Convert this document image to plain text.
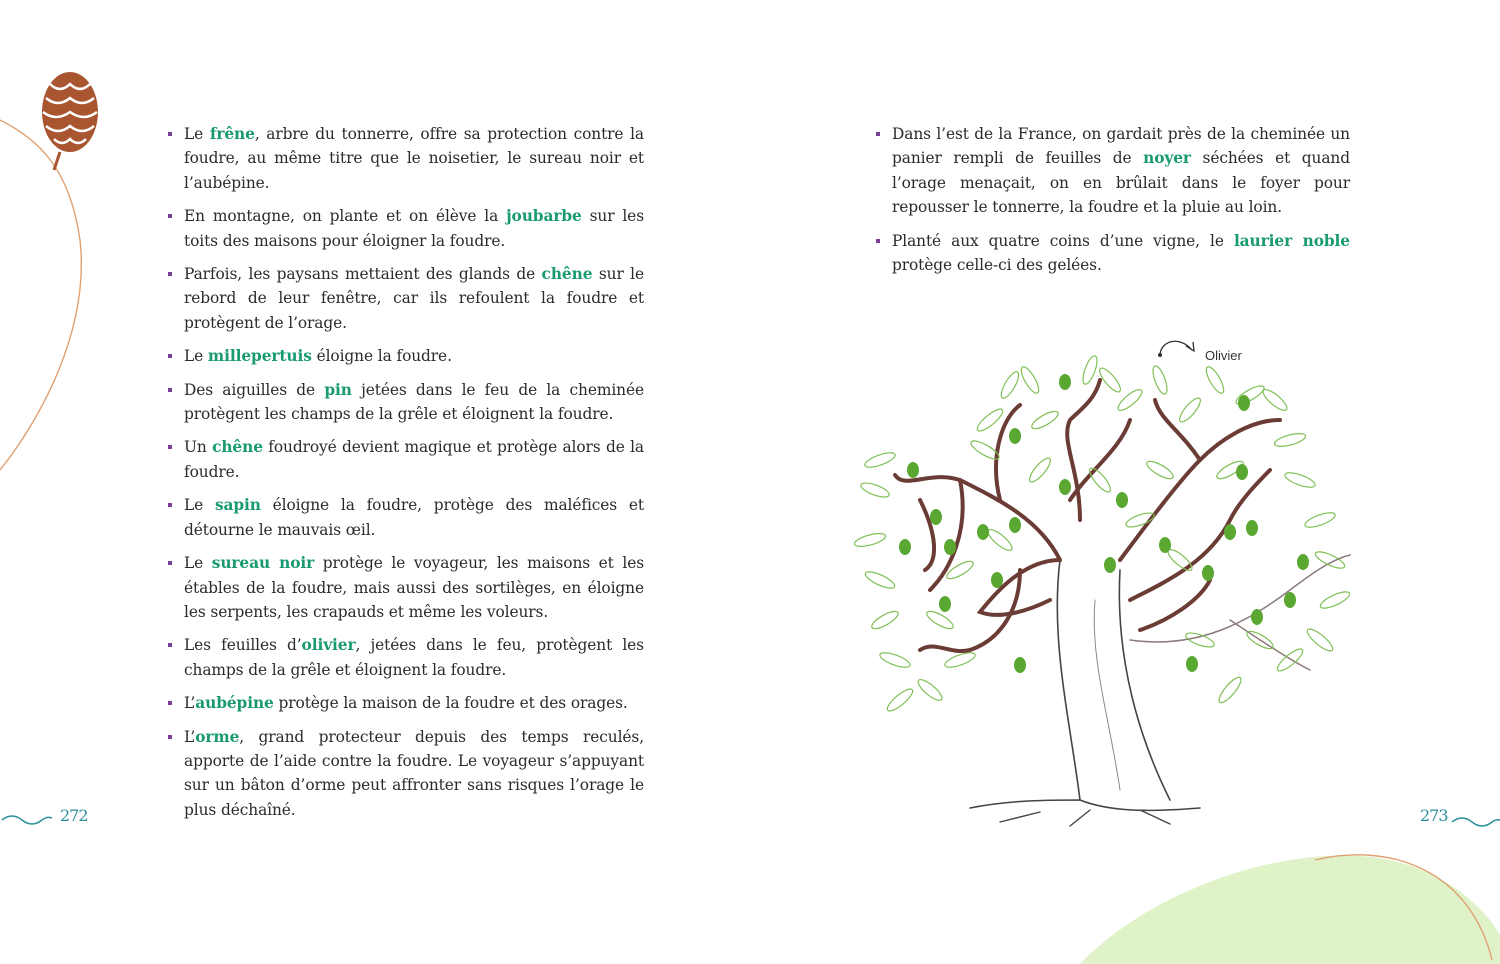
Olivier
Le frêne, arbre du tonnerre, offre sa protection contre la foudre, au même titre que le noisetier, le sureau noir et l’aubépine.
En montagne, on plante et on élève la joubarbe sur les toits des maisons pour éloigner la foudre.
Parfois, les paysans mettaient des glands de chêne sur le rebord de leur fenêtre, car ils refoulent la foudre et protègent de l’orage.
Le millepertuis éloigne la foudre.
Des aiguilles de pin jetées dans le feu de la cheminée protègent les champs de la grêle et éloignent la foudre.
Un chêne foudroyé devient magique et protège alors de la foudre.
Le sapin éloigne la foudre, protège des maléfices et détourne le mauvais œil.
Le sureau noir protège le voyageur, les maisons et les étables de la foudre, mais aussi des sortilèges, en éloigne les serpents, les crapauds et même les voleurs.
Les feuilles d’olivier, jetées dans le feu, protègent les champs de la grêle et éloignent la foudre.
L’aubépine protège la maison de la foudre et des orages.
L’orme, grand protecteur depuis des temps reculés, apporte de l’aide contre la foudre. Le voyageur s’appuyant sur un bâton d’orme peut affronter sans risques l’orage le plus déchaîné.
Dans l’est de la France, on gardait près de la cheminée un panier rempli de feuilles de noyer séchées et quand l’orage menaçait, on en brûlait dans le foyer pour repousser le tonnerre, la foudre et la pluie au loin.
Planté aux quatre coins d’une vigne, le laurier noble protège celle-ci des gelées.
272	273
